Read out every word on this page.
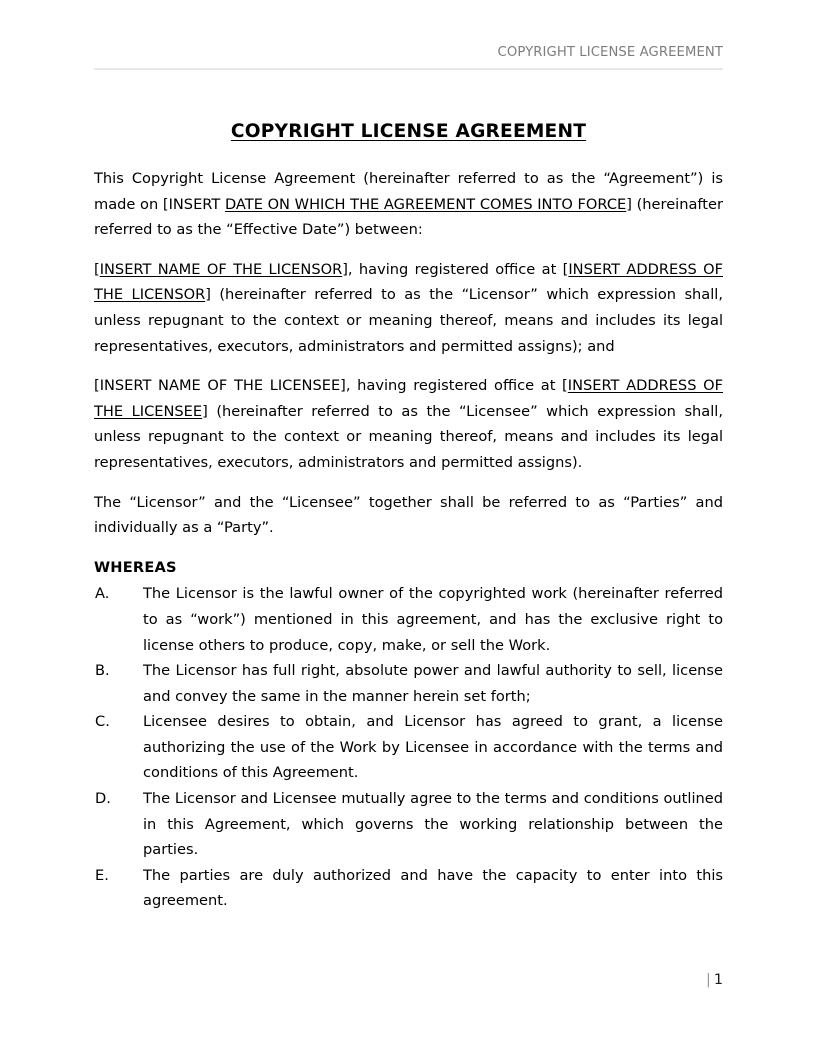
COPYRIGHT LICENSE AGREEMENT
COPYRIGHT LICENSE AGREEMENT

This Copyright License Agreement (hereinafter referred to as the “Agreement”) is made on [INSERT DATE ON WHICH THE AGREEMENT COMES INTO FORCE] (hereinafter referred to as the “Effective Date”) between:

[INSERT NAME OF THE LICENSOR], having registered office at [INSERT ADDRESS OF THE LICENSOR] (hereinafter referred to as the “Licensor” which expression shall, unless repugnant to the context or meaning thereof, means and includes its legal representatives, executors, administrators and permitted assigns); and

[INSERT NAME OF THE LICENSEE], having registered office at [INSERT ADDRESS OF THE LICENSEE] (hereinafter referred to as the “Licensee” which expression shall, unless repugnant to the context or meaning thereof, means and includes its legal representatives, executors, administrators and permitted assigns).

The “Licensor” and the “Licensee” together shall be referred to as “Parties” and individually as a “Party”.

WHEREAS
A.	The Licensor is the lawful owner of the copyrighted work (hereinafter referred to as “work”) mentioned in this agreement, and has the exclusive right to license others to produce, copy, make, or sell the Work.
B.	The Licensor has full right, absolute power and lawful authority to sell, license and convey the same in the manner herein set forth;
C.	Licensee desires to obtain, and Licensor has agreed to grant, a license authorizing the use of the Work by Licensee in accordance with the terms and conditions of this Agreement.
D.	The Licensor and Licensee mutually agree to the terms and conditions outlined in this Agreement, which governs the working relationship between the parties.
E.	The parties are duly authorized and have the capacity to enter into this agreement.
| 1
